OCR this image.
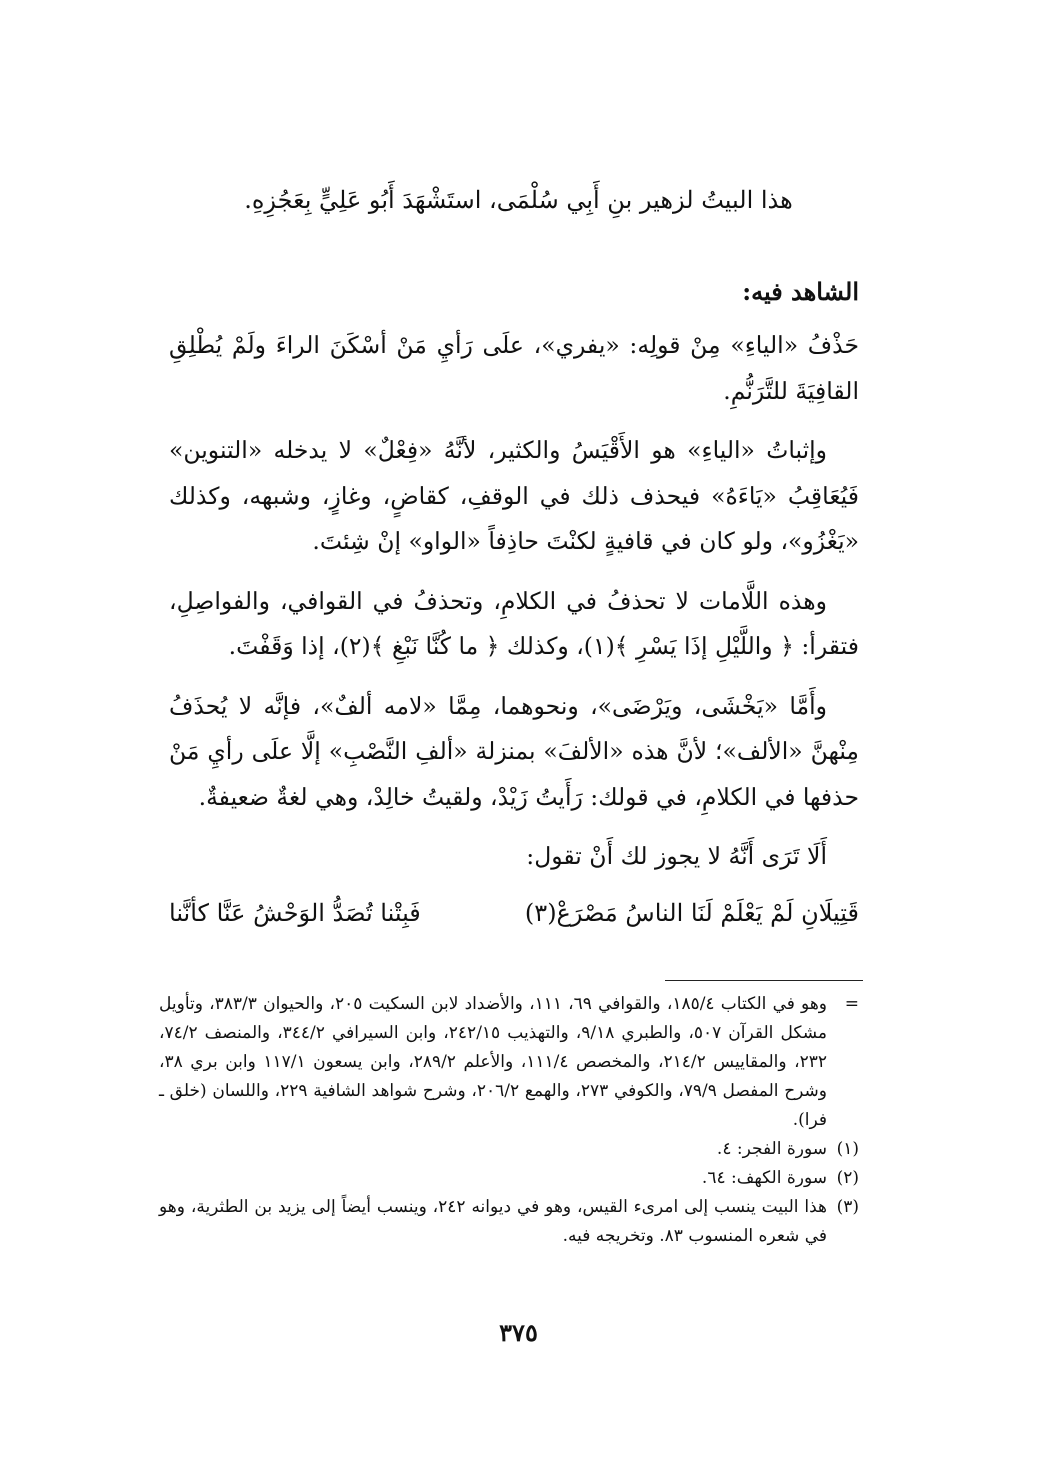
هذا البيتُ لزهير بنِ أَبِي سُلْمَى، استَشْهَدَ أَبُو عَلِيٍّ بِعَجُزِهِ.
الشاهد فيه:

حَذْفُ «الياءِ» مِنْ قولِه: «يفري»، علَى رَأيِ مَنْ أسْكَنَ الراءَ ولَمْ يُطْلِقِ القافِيَةَ للتَّرَنُّمِ.

وإثباتُ «الياءِ» هو الأَقْيَسُ والكثير، لأنَّهُ «فِعْلٌ» لا يدخله «التنوين» فَيُعَاقِبُ «يَاءَهُ» فيحذف ذلك في الوقفِ، كقاضٍ، وغازٍ، وشبهه، وكذلك «يَغْزُو»، ولو كان في قافيةٍ لكنْتَ حاذِفاً «الواو» إنْ شِئتَ.

وهذه اللَّامات لا تحذفُ في الكلامِ، وتحذفُ في القوافي، والفواصِلِ، فتقرأ: ﴿ واللَّيْلِ إذَا يَسْرِ ﴾(١)، وكذلك ﴿ ما كُنَّا نَبْغِ ﴾(٢)، إذا وَقَفْتَ.

وأَمَّا «يَخْشَى، ويَرْضَى»، ونحوهما، مِمَّا «لامه ألفٌ»، فإنَّه لا يُحذَفُ مِنْهنَّ «الألف»؛ لأنَّ هذه «الألفَ» بمنزلة «ألفِ النَّصْبِ» إلَّا علَى رأيِ مَنْ حذفها في الكلامِ، في قولك: رَأَيتُ زَيْدْ، ولقيتُ خالِدْ، وهي لغةٌ ضعيفةٌ.

أَلَا تَرَى أَنَّهُ لا يجوز لك أَنْ تقول:

قَتِيلَانِ لَمْ يَعْلَمْ لَنَا الناسُ مَصْرَعْ(٣)
فَبِتْنا تُصَدُّ الوَحْشُ عَنَّا كأنَّنا
=
وهو في الكتاب ١٨٥/٤، والقوافي ٦٩، ١١١، والأضداد لابن السكيت ٢٠٥، والحيوان ٣٨٣/٣، وتأويل مشكل القرآن ٥٠٧، والطبري ٩/١٨، والتهذيب ٢٤٢/١٥، وابن السيرافي ٣٤٤/٢، والمنصف ٧٤/٢، ٢٣٢، والمقاييس ٢١٤/٢، والمخصص ١١١/٤، والأعلم ٢٨٩/٢، وابن يسعون ١١٧/١ وابن بري ٣٨، وشرح المفصل ٧٩/٩، والكوفي ٢٧٣، والهمع ٢٠٦/٢، وشرح شواهد الشافية ٢٢٩، واللسان (خلق ـ فرا).
(١)
سورة الفجر: ٤.
(٢)
سورة الكهف: ٦٤.
(٣)
هذا البيت ينسب إلى امرىء القيس، وهو في ديوانه ٢٤٢، وينسب أيضاً إلى يزيد بن الطثرية، وهو في شعره المنسوب ٨٣. وتخريجه فيه.
٣٧٥
